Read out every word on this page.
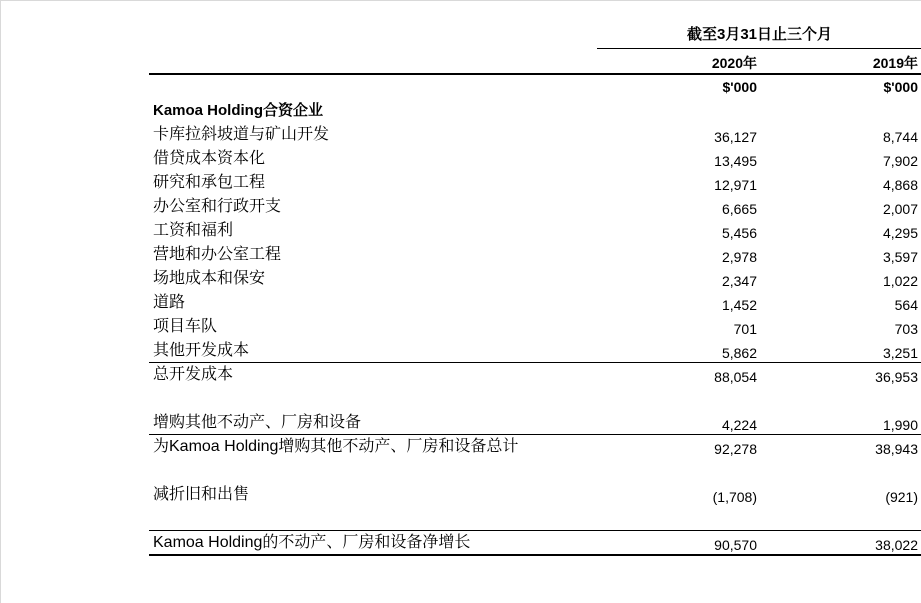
截至3月31日止三个月
2020年	2019年
$'000	$'000
Kamoa Holding合资企业
卡库拉斜坡道与矿山开发	36,127	8,744
借贷成本资本化	13,495	7,902
研究和承包工程	12,971	4,868
办公室和行政开支	6,665	2,007
工资和福利	5,456	4,295
营地和办公室工程	2,978	3,597
场地成本和保安	2,347	1,022
道路	1,452	564
项目车队	701	703
其他开发成本	5,862	3,251
总开发成本	88,054	36,953
增购其他不动产、厂房和设备	4,224	1,990
为Kamoa Holding增购其他不动产、厂房和设备总计	92,278	38,943
减折旧和出售	(1,708)	(921)
Kamoa Holding的不动产、厂房和设备净增长	90,570	38,022
